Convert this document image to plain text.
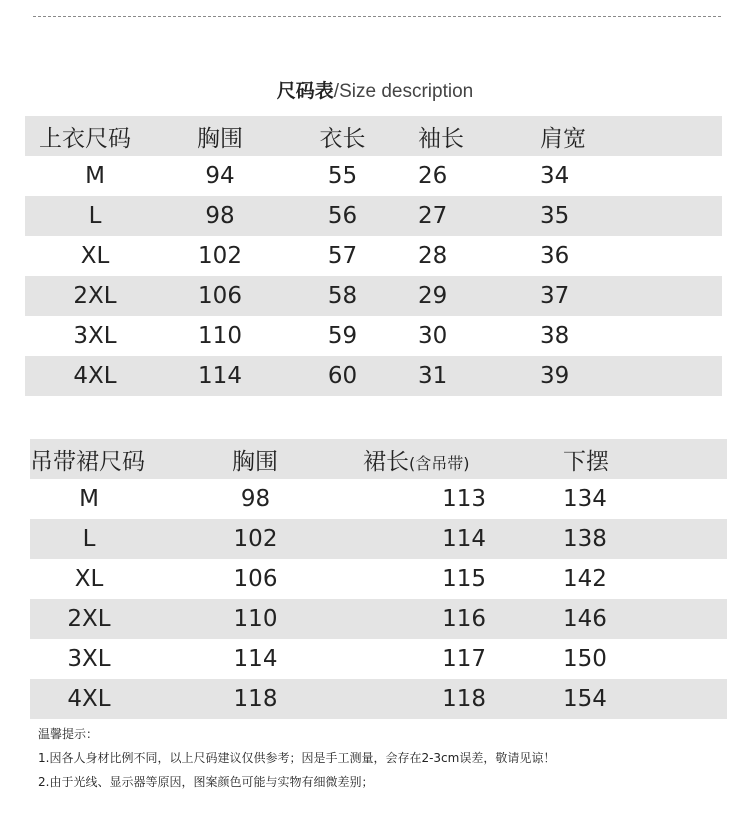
尺码表/Size description
上衣尺码	胸围	衣长	袖长	肩宽
M	94	55	26	34
L	98	56	27	35
XL	102	57	28	36
2XL	106	58	29	37
3XL	110	59	30	38
4XL	114	60	31	39
吊带裙尺码	胸围	裙长(含吊带)	下摆
M	98	113	134
L	102	114	138
XL	106	115	142
2XL	110	116	146
3XL	114	117	150
4XL	118	118	154
温馨提示：
1.因各人身材比例不同，以上尺码建议仅供参考；因是手工测量，会存在2-3cm误差，敬请见谅！
2.由于光线、显示器等原因，图案颜色可能与实物有细微差别；
